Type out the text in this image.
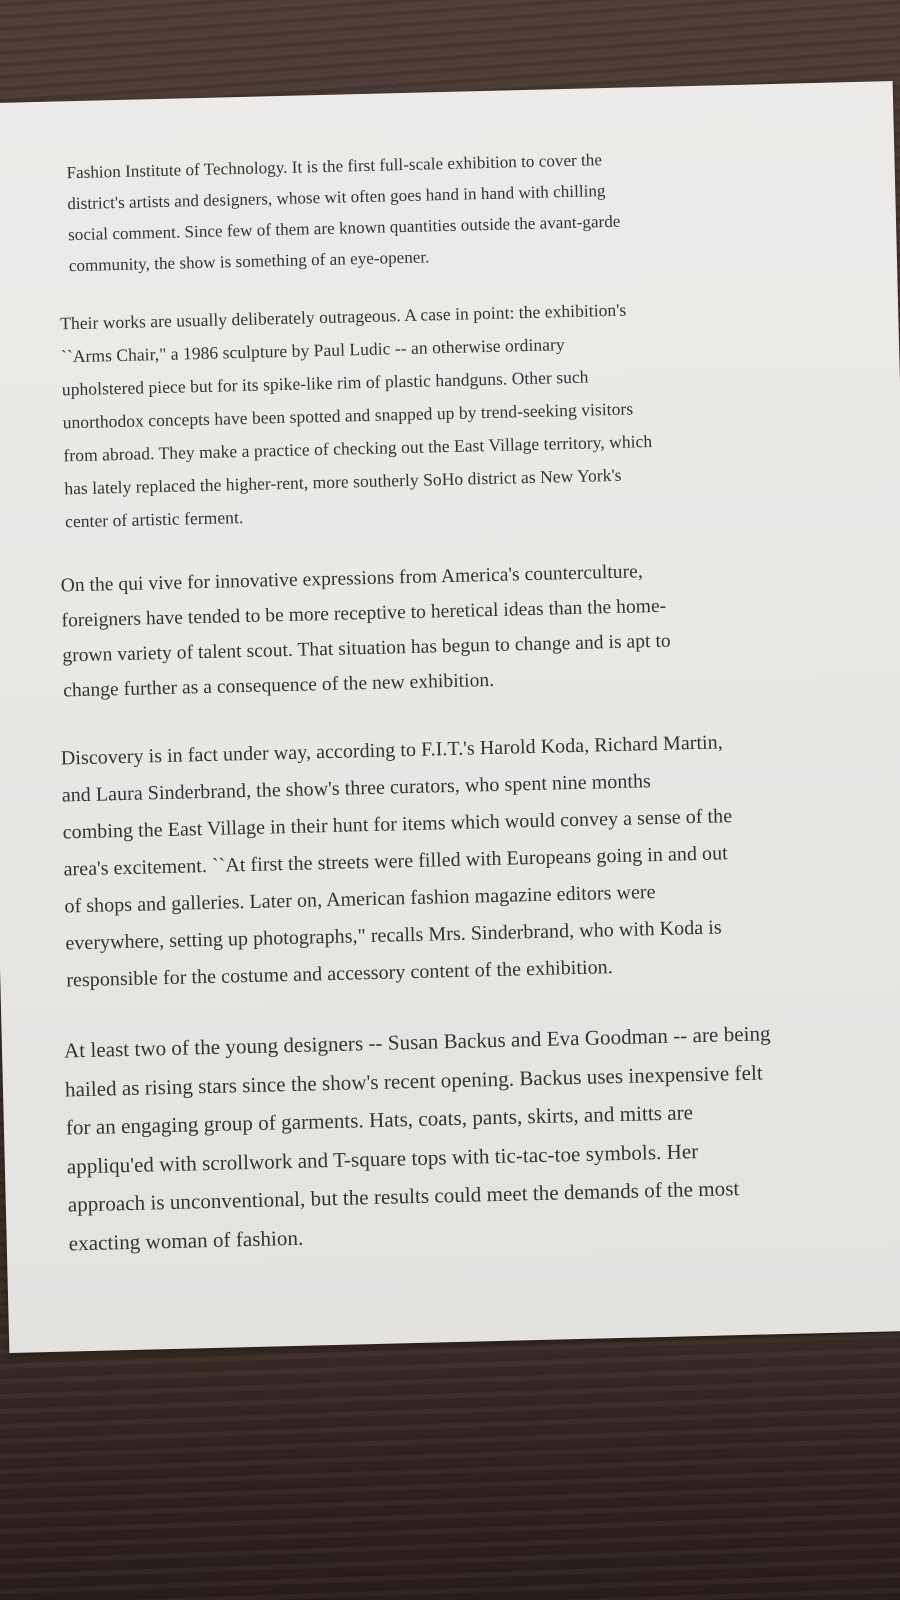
Fashion Institute of Technology. It is the first full-scale exhibition to cover the
district's artists and designers, whose wit often goes hand in hand with chilling
social comment. Since few of them are known quantities outside the avant-garde
community, the show is something of an eye-opener.

Their works are usually deliberately outrageous. A case in point: the exhibition's
``Arms Chair," a 1986 sculpture by Paul Ludic -- an otherwise ordinary
upholstered piece but for its spike-like rim of plastic handguns. Other such
unorthodox concepts have been spotted and snapped up by trend-seeking visitors
from abroad. They make a practice of checking out the East Village territory, which
has lately replaced the higher-rent, more southerly SoHo district as New York's
center of artistic ferment.

On the qui vive for innovative expressions from America's counterculture,
foreigners have tended to be more receptive to heretical ideas than the home-
grown variety of talent scout. That situation has begun to change and is apt to
change further as a consequence of the new exhibition.

Discovery is in fact under way, according to F.I.T.'s Harold Koda, Richard Martin,
and Laura Sinderbrand, the show's three curators, who spent nine months
combing the East Village in their hunt for items which would convey a sense of the
area's excitement. ``At first the streets were filled with Europeans going in and out
of shops and galleries. Later on, American fashion magazine editors were
everywhere, setting up photographs," recalls Mrs. Sinderbrand, who with Koda is
responsible for the costume and accessory content of the exhibition.

At least two of the young designers -- Susan Backus and Eva Goodman -- are being
hailed as rising stars since the show's recent opening. Backus uses inexpensive felt
for an engaging group of garments. Hats, coats, pants, skirts, and mitts are
appliqu'ed with scrollwork and T-square tops with tic-tac-toe symbols. Her
approach is unconventional, but the results could meet the demands of the most
exacting woman of fashion.
